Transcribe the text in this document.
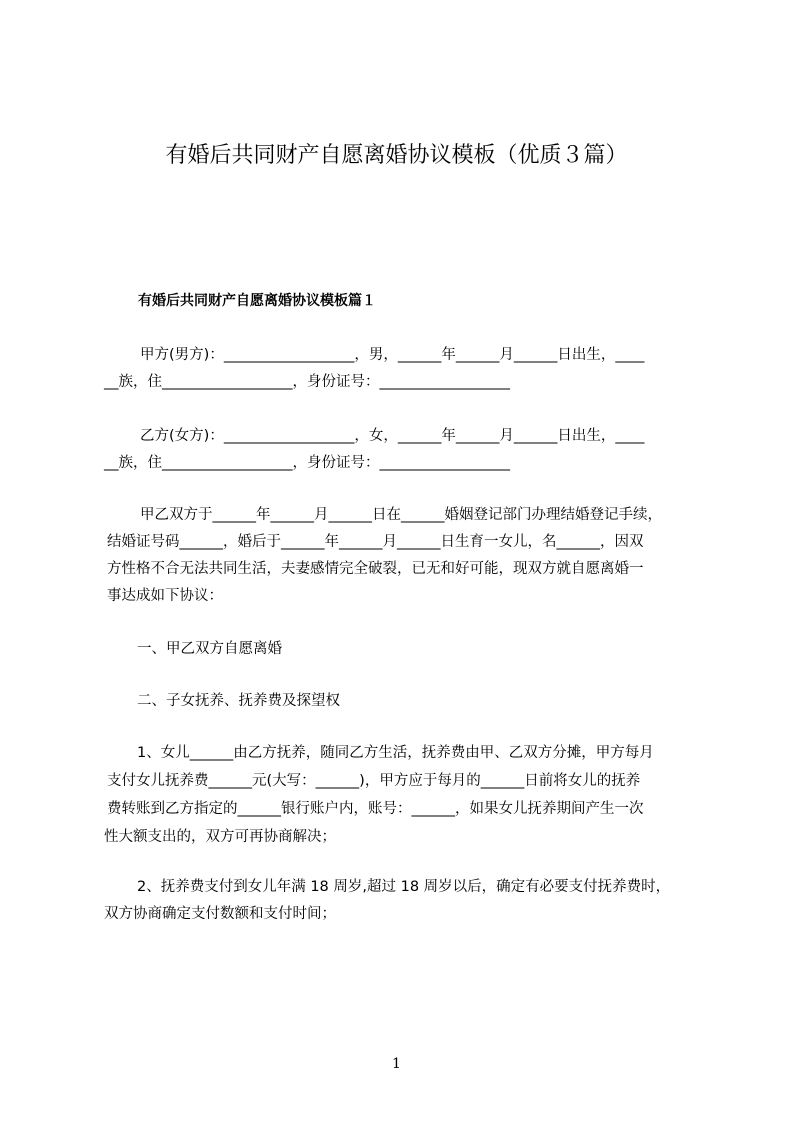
有婚后共同财产自愿离婚协议模板（优质３篇）
有婚后共同财产自愿离婚协议模板篇１
甲方(男方)：__________________，男，______年______月______日出生，____
__族，住__________________，身份证号：__________________
乙方(女方)：__________________，女，______年______月______日出生，____
__族，住__________________，身份证号：__________________
甲乙双方于______年______月______日在______婚姻登记部门办理结婚登记手续，
结婚证号码______，婚后于______年______月______日生育一女儿，名______，因双
方性格不合无法共同生活，夫妻感情完全破裂，已无和好可能，现双方就自愿离婚一
事达成如下协议：
一、甲乙双方自愿离婚
二、子女抚养、抚养费及探望权
1、女儿______由乙方抚养，随同乙方生活，抚养费由甲、乙双方分摊，甲方每月
支付女儿抚养费______元(大写：______)，甲方应于每月的______日前将女儿的抚养
费转账到乙方指定的______银行账户内，账号：______，如果女儿抚养期间产生一次
性大额支出的，双方可再协商解决；
2、抚养费支付到女儿年满 18 周岁,超过 18 周岁以后，确定有必要支付抚养费时，
双方协商确定支付数额和支付时间；
1
